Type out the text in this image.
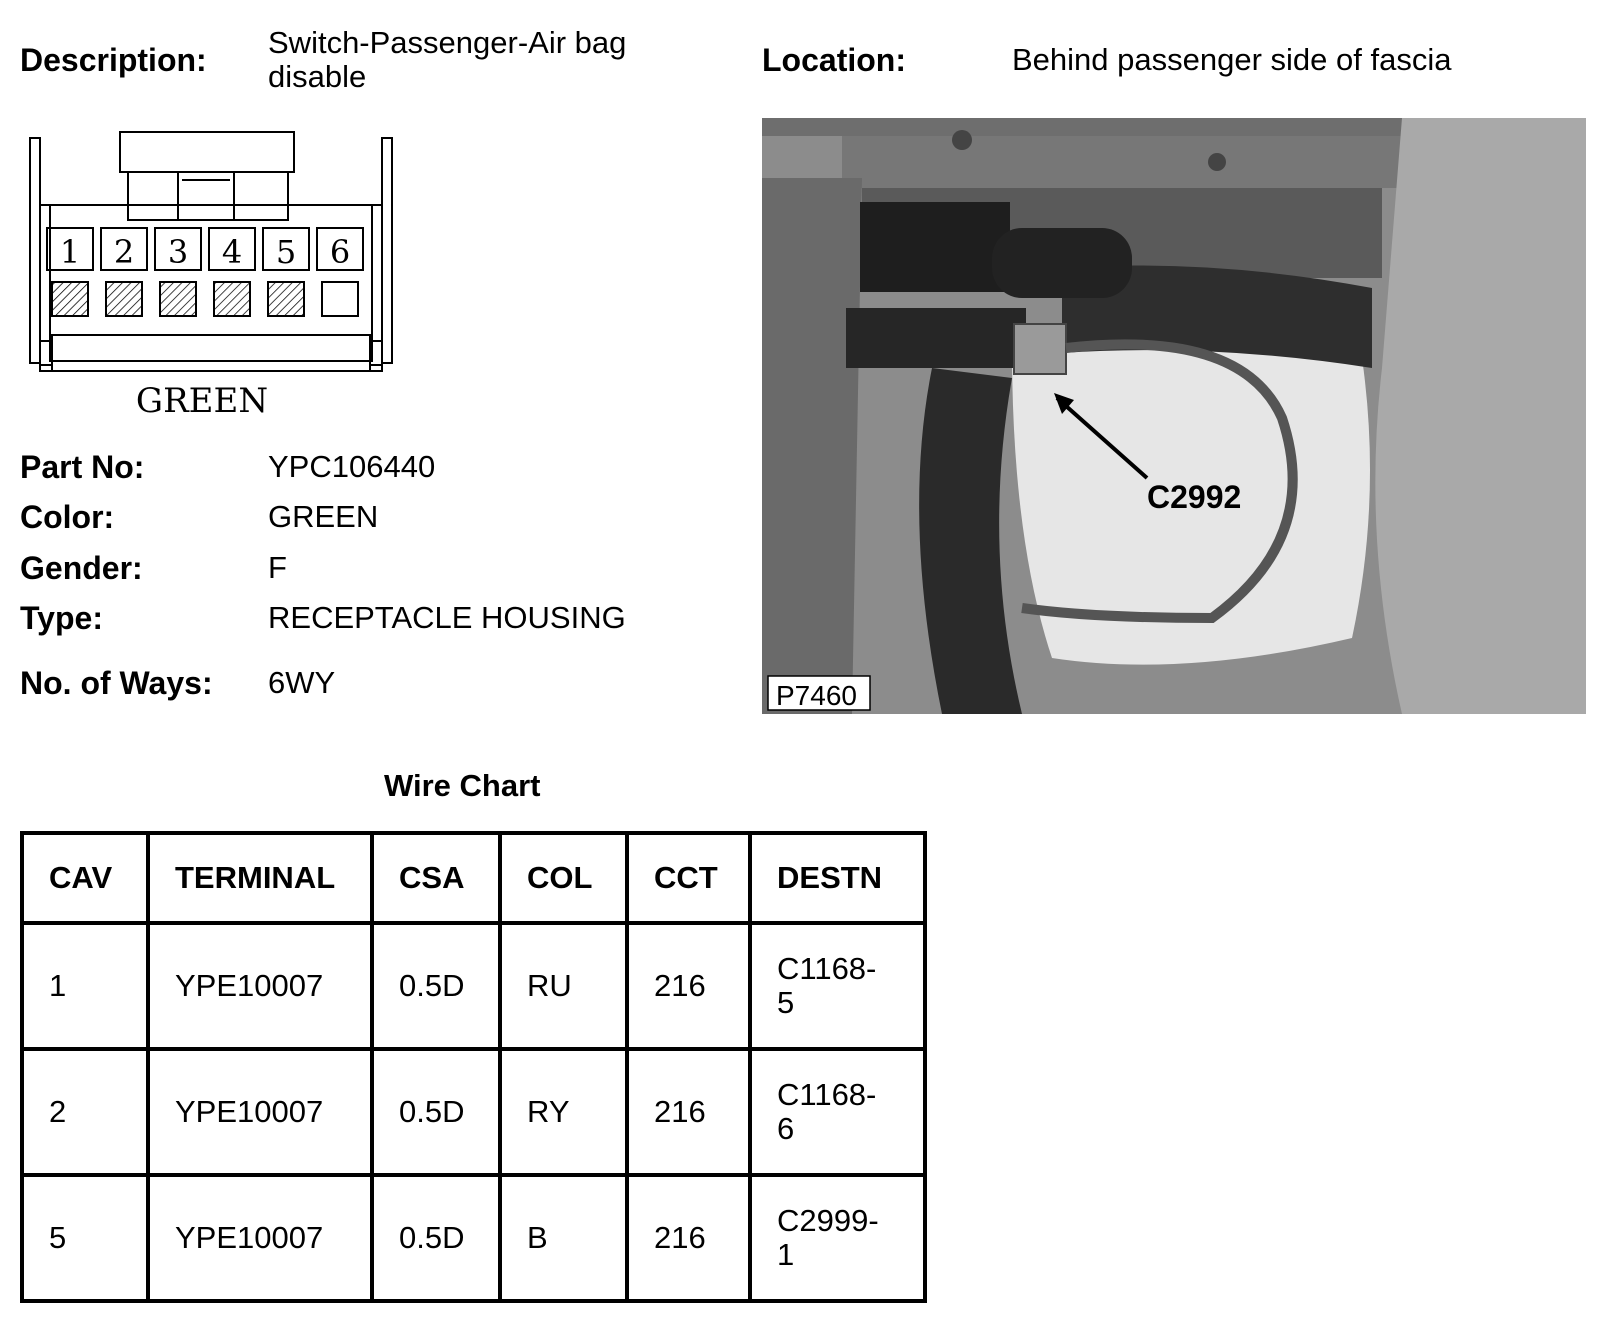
Description: Switch-Passenger-Air bag
disable	Location:	Behind passenger side of fascia
1 2 3 4 5 6
GREEN
Part No:	YPC106440
Color:	GREEN
Gender:	F
Type:	RECEPTACLE HOUSING
No. of Ways: 6WY
C2992
P7460
Wire Chart
CAV	TERMINAL	CSA	COL	CCT	DESTN
1	YPE10007	0.5D	RU	216	C1168-
5

2	YPE10007	0.5D	RY	216	C1168-
6

5	YPE10007	0.5D	B	216	C2999-
1
